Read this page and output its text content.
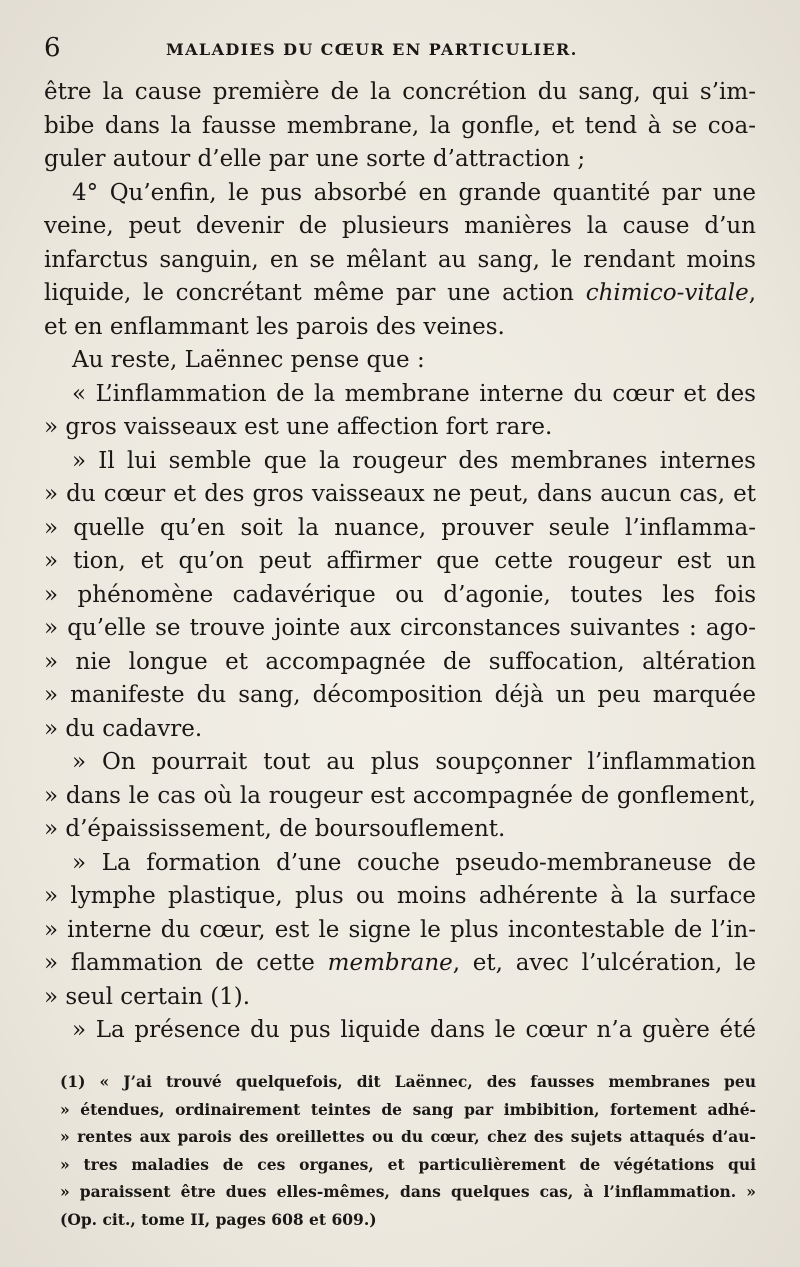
6	MALADIES DU CŒUR EN PARTICULIER.
être la cause première de la concrétion du sang, qui s’im-
bibe dans la fausse membrane, la gonfle, et tend à se coa-
guler autour d’elle par une sorte d’attraction ;
4° Qu’enfin, le pus absorbé en grande quantité par une
veine, peut devenir de plusieurs manières la cause d’un
infarctus sanguin, en se mêlant au sang, le rendant moins
liquide, le concrétant même par une action chimico-vitale,
et en enflammant les parois des veines.
Au reste, Laënnec pense que :
« L’inflammation de la membrane interne du cœur et des
» gros vaisseaux est une affection fort rare.
» Il lui semble que la rougeur des membranes internes
» du cœur et des gros vaisseaux ne peut, dans aucun cas, et
» quelle qu’en soit la nuance, prouver seule l’inflamma-
» tion, et qu’on peut affirmer que cette rougeur est un
» phénomène cadavérique ou d’agonie, toutes les fois
» qu’elle se trouve jointe aux circonstances suivantes : ago-
» nie longue et accompagnée de suffocation, altération
» manifeste du sang, décomposition déjà un peu marquée
» du cadavre.
» On pourrait tout au plus soupçonner l’inflammation
» dans le cas où la rougeur est accompagnée de gonflement,
» d’épaississement, de boursouflement.
» La formation d’une couche pseudo-membraneuse de
» lymphe plastique, plus ou moins adhérente à la surface
» interne du cœur, est le signe le plus incontestable de l’in-
» flammation de cette membrane, et, avec l’ulcération, le
» seul certain (1).
» La présence du pus liquide dans le cœur n’a guère été
(1) « J’ai trouvé quelquefois, dit Laënnec, des fausses membranes peu
» étendues, ordinairement teintes de sang par imbibition, fortement adhé-
» rentes aux parois des oreillettes ou du cœur, chez des sujets attaqués d’au-
» tres maladies de ces organes, et particulièrement de végétations qui
» paraissent être dues elles-mêmes, dans quelques cas, à l’inflammation. »
(Op. cit., tome II, pages 608 et 609.)
